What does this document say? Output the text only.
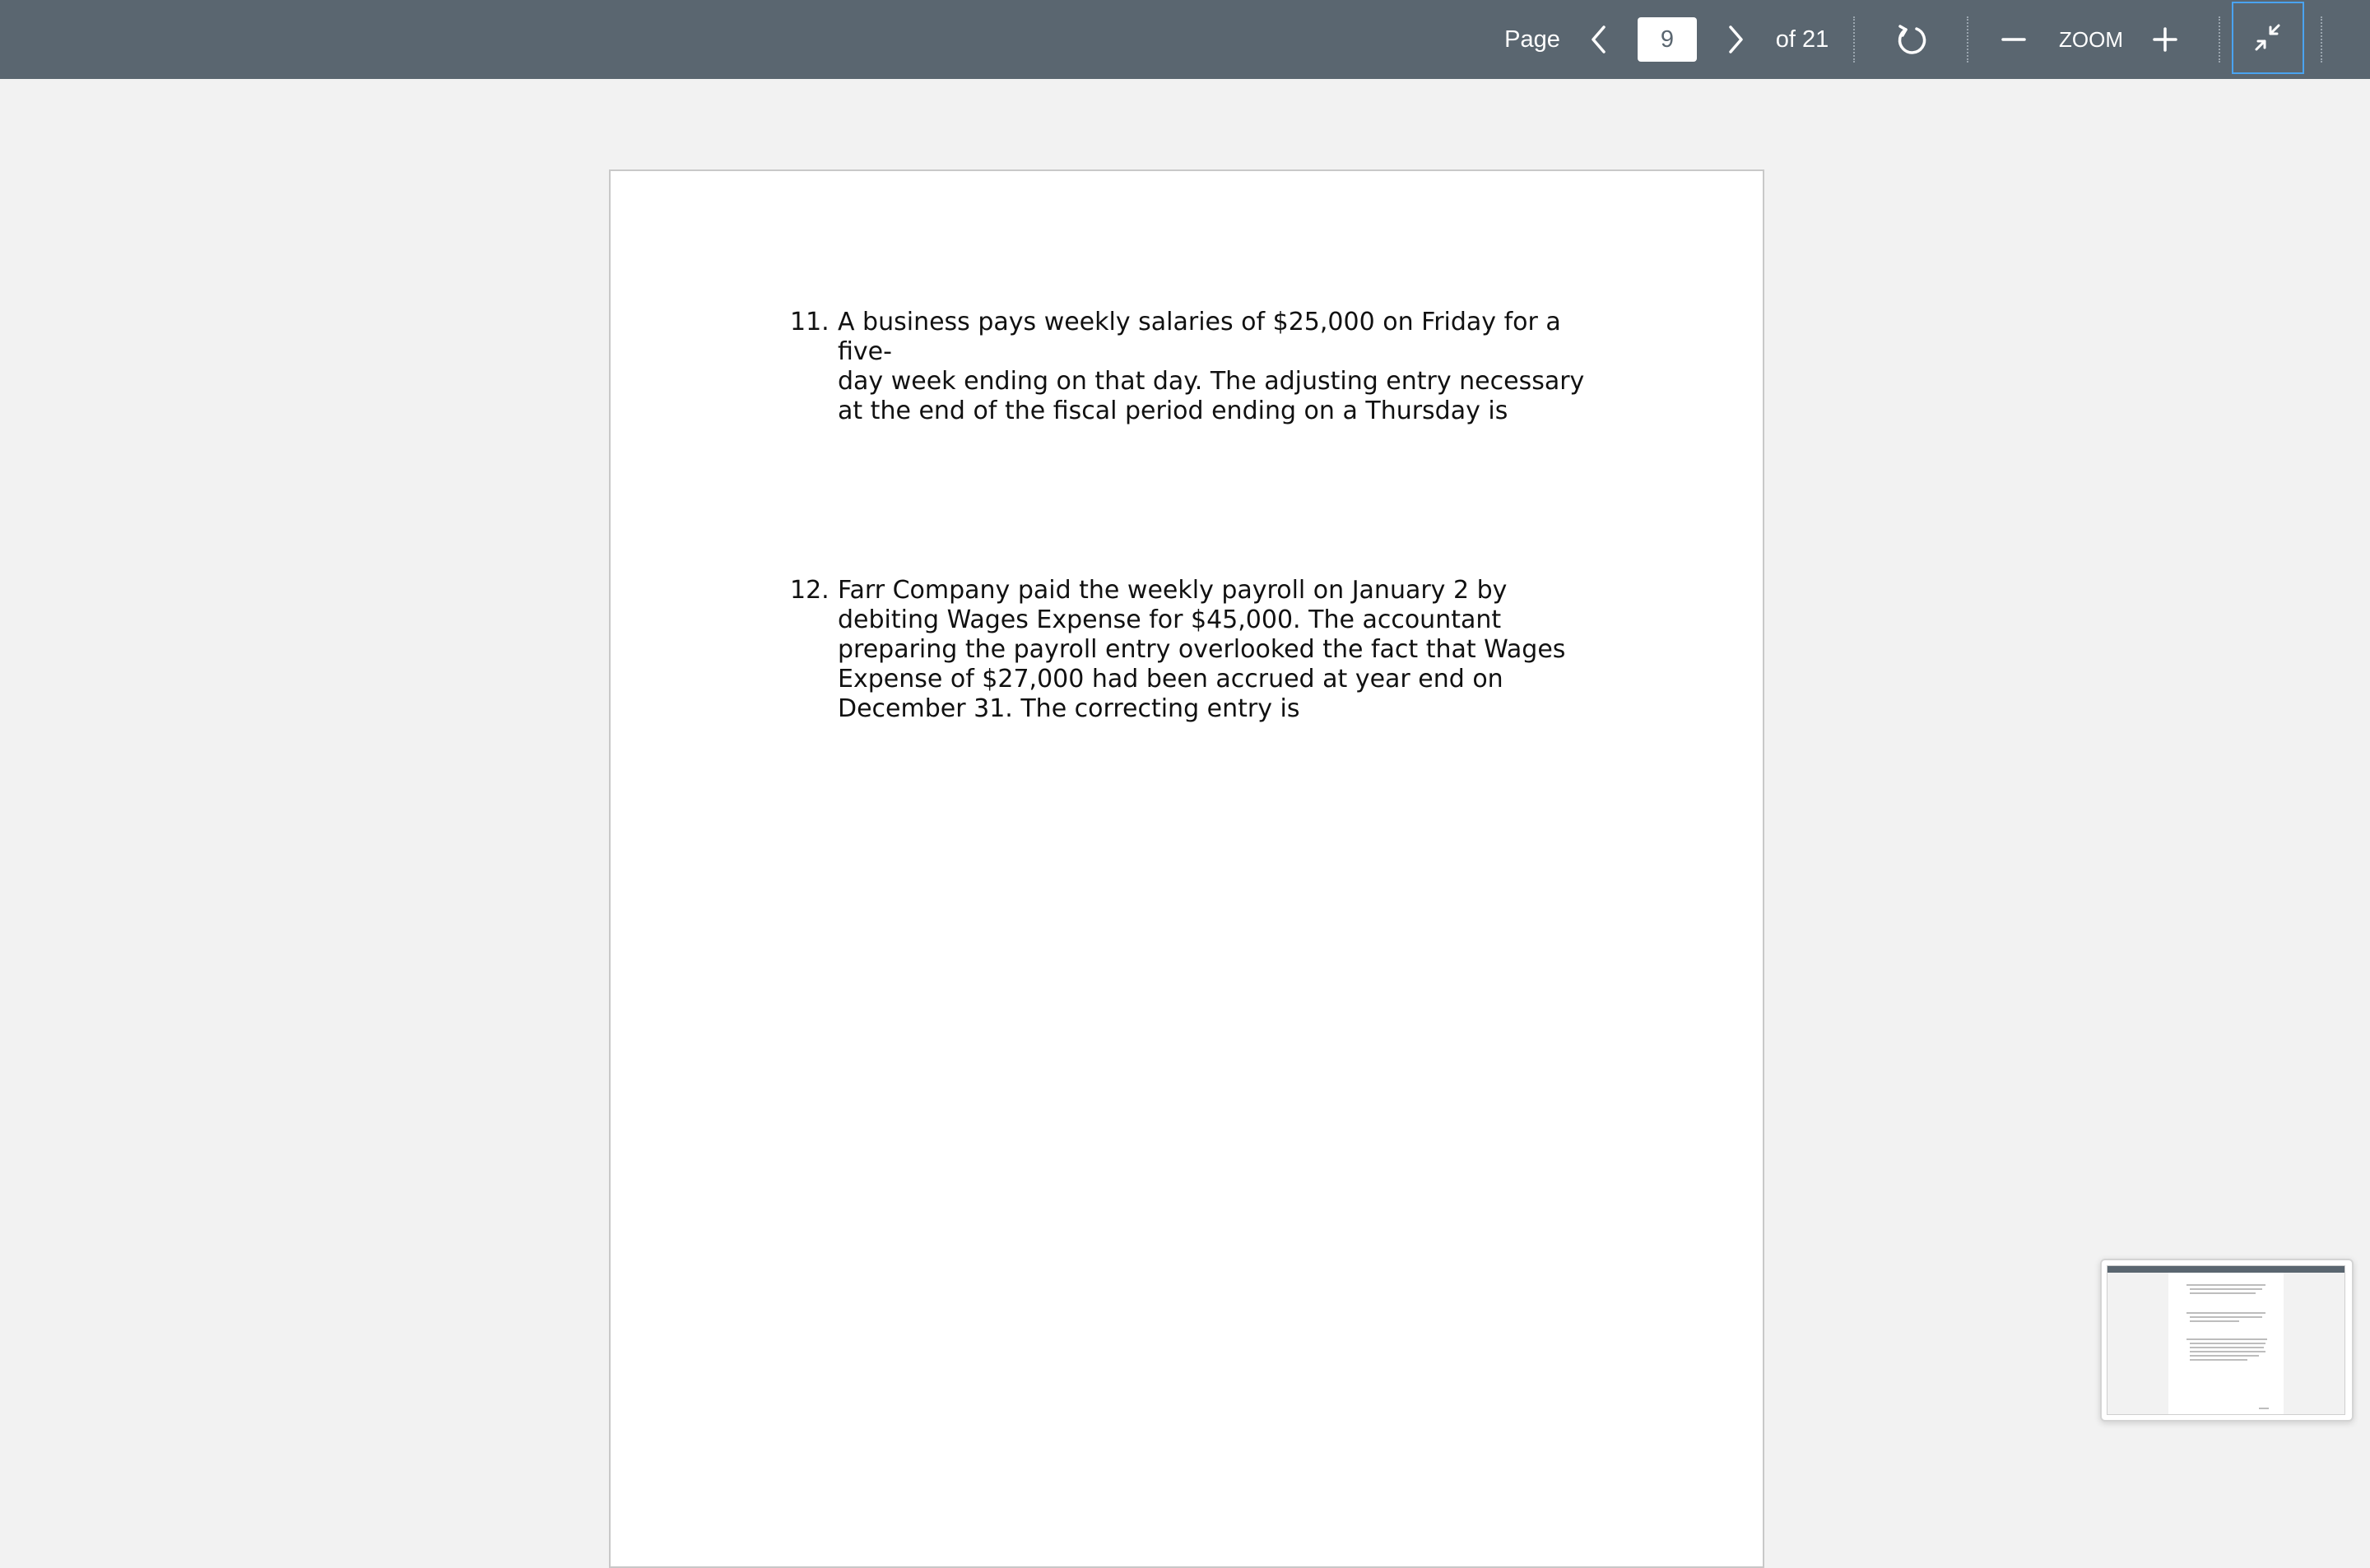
Page
9	of 21	ZOOM
11. A business pays weekly salaries of $25,000 on Friday for a five-
day week ending on that day. The adjusting entry necessary
at the end of the fiscal period ending on a Thursday is
12. Farr Company paid the weekly payroll on January 2 by
debiting Wages Expense for $45,000. The accountant
preparing the payroll entry overlooked the fact that Wages
Expense of $27,000 had been accrued at year end on
December 31. The correcting entry is
